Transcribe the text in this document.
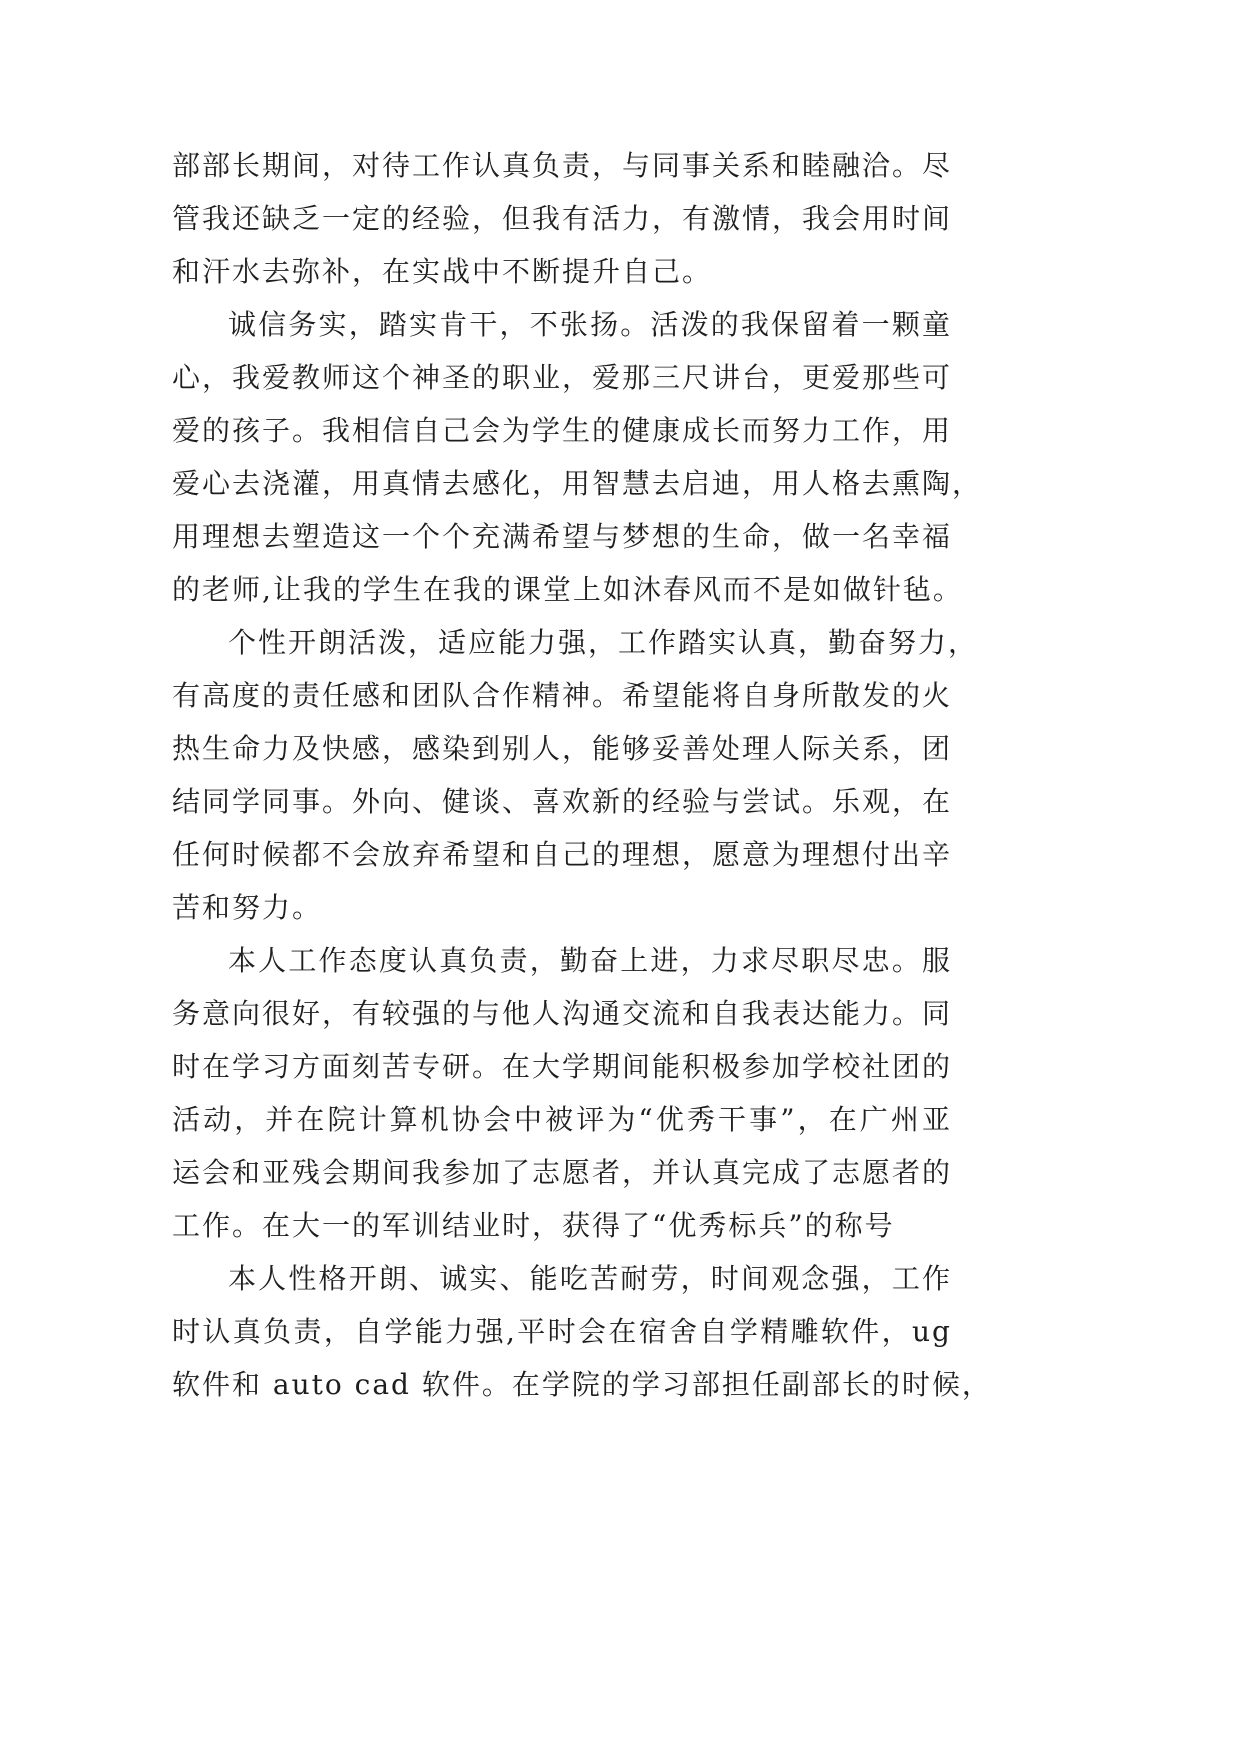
部部长期间，对待工作认真负责，与同事关系和睦融洽。尽
管我还缺乏一定的经验，但我有活力，有激情，我会用时间
和汗水去弥补，在实战中不断提升自己。
诚信务实，踏实肯干，不张扬。活泼的我保留着一颗童
心，我爱教师这个神圣的职业，爱那三尺讲台，更爱那些可
爱的孩子。我相信自己会为学生的健康成长而努力工作，用
爱心去浇灌，用真情去感化，用智慧去启迪，用人格去熏陶，
用理想去塑造这一个个充满希望与梦想的生命，做一名幸福
的老师,让我的学生在我的课堂上如沐春风而不是如做针毡。
个性开朗活泼，适应能力强，工作踏实认真，勤奋努力，
有高度的责任感和团队合作精神。希望能将自身所散发的火
热生命力及快感，感染到别人，能够妥善处理人际关系，团
结同学同事。外向、健谈、喜欢新的经验与尝试。乐观，在
任何时候都不会放弃希望和自己的理想，愿意为理想付出辛
苦和努力。
本人工作态度认真负责，勤奋上进，力求尽职尽忠。服
务意向很好，有较强的与他人沟通交流和自我表达能力。同
时在学习方面刻苦专研。在大学期间能积极参加学校社团的
活动，并在院计算机协会中被评为“优秀干事”，在广州亚
运会和亚残会期间我参加了志愿者，并认真完成了志愿者的
工作。在大一的军训结业时，获得了“优秀标兵”的称号
本人性格开朗、诚实、能吃苦耐劳，时间观念强，工作
时认真负责，自学能力强,平时会在宿舍自学精雕软件，ug
软件和 auto cad 软件。在学院的学习部担任副部长的时候，
